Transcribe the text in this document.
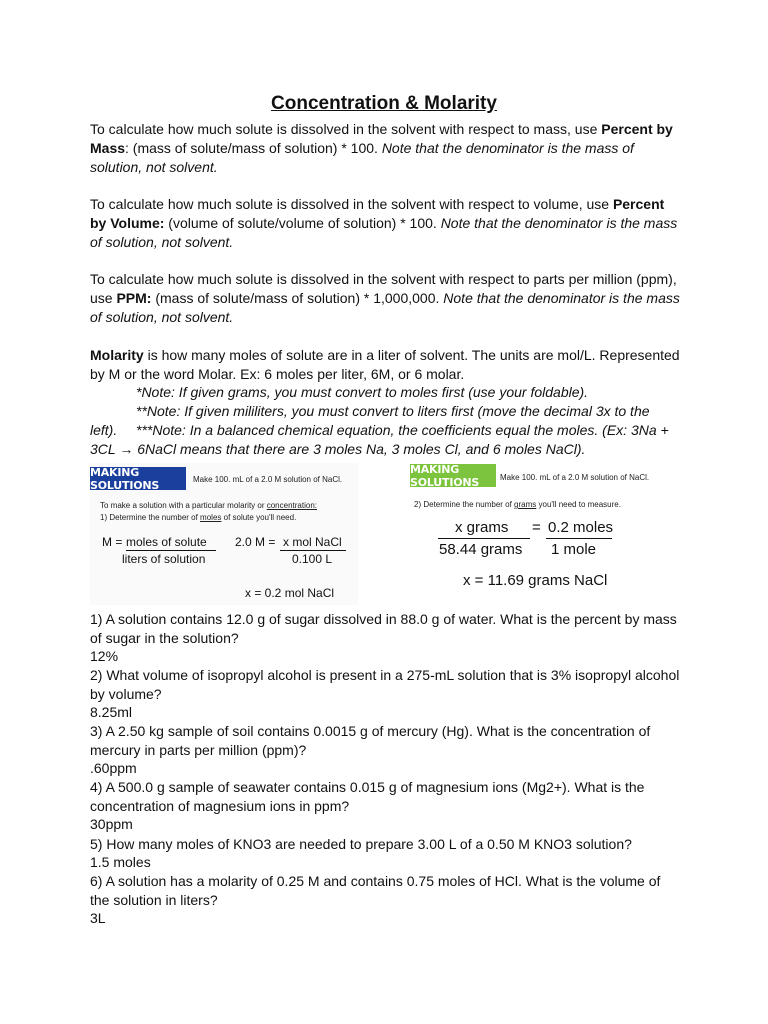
Concentration & Molarity

To calculate how much solute is dissolved in the solvent with respect to mass, use Percent by Mass: (mass of solute/mass of solution) * 100. Note that the denominator is the mass of solution, not solvent.

To calculate how much solute is dissolved in the solvent with respect to volume, use Percent by Volume: (volume of solute/volume of solution) * 100. Note that the denominator is the mass of solution, not solvent.

To calculate how much solute is dissolved in the solvent with respect to parts per million (ppm), use PPM: (mass of solute/mass of solution) * 1,000,000. Note that the denominator is the mass of solution, not solvent.

Molarity is how many moles of solute are in a liter of solvent. The units are mol/L. Represented by M or the word Molar. Ex: 6 moles per liter, 6M, or 6 molar.

*Note: If given grams, you must convert to moles first (use your foldable).

**Note: If given mililiters, you must convert to liters first (move the decimal 3x to the left).	***Note: In a balanced chemical equation, the coefficients equal the moles. (Ex: 3Na +

3CL → 6NaCl means that there are 3 moles Na, 3 moles Cl, and 6 moles NaCl).

MAKING SOLUTIONS	Make 100. mL of a 2.0 M solution of NaCl.
To make a solution with a particular molarity or concentration:
1) Determine the number of moles of solute you'll need.
M = moles of solute
liters of solution
2.0 M = x mol NaCl
0.100 L
x = 0.2 mol NaCl
MAKING SOLUTIONS	Make 100. mL of a 2.0 M solution of NaCl.
2) Determine the number of grams you'll need to measure.
x grams
58.44 grams
= 0.2 moles
1 mole
x = 11.69 grams NaCl

1) A solution contains 12.0 g of sugar dissolved in 88.0 g of water. What is the percent by mass of sugar in the solution?

12%

2) What volume of isopropyl alcohol is present in a 275-mL solution that is 3% isopropyl alcohol by volume?

8.25ml

3) A 2.50 kg sample of soil contains 0.0015 g of mercury (Hg). What is the concentration of mercury in parts per million (ppm)?

.60ppm

4) A 500.0 g sample of seawater contains 0.015 g of magnesium ions (Mg2+). What is the concentration of magnesium ions in ppm?

30ppm

5) How many moles of KNO3 are needed to prepare 3.00 L of a 0.50 M KNO3 solution?

1.5 moles

6) A solution has a molarity of 0.25 M and contains 0.75 moles of HCl. What is the volume of the solution in liters?

3L
